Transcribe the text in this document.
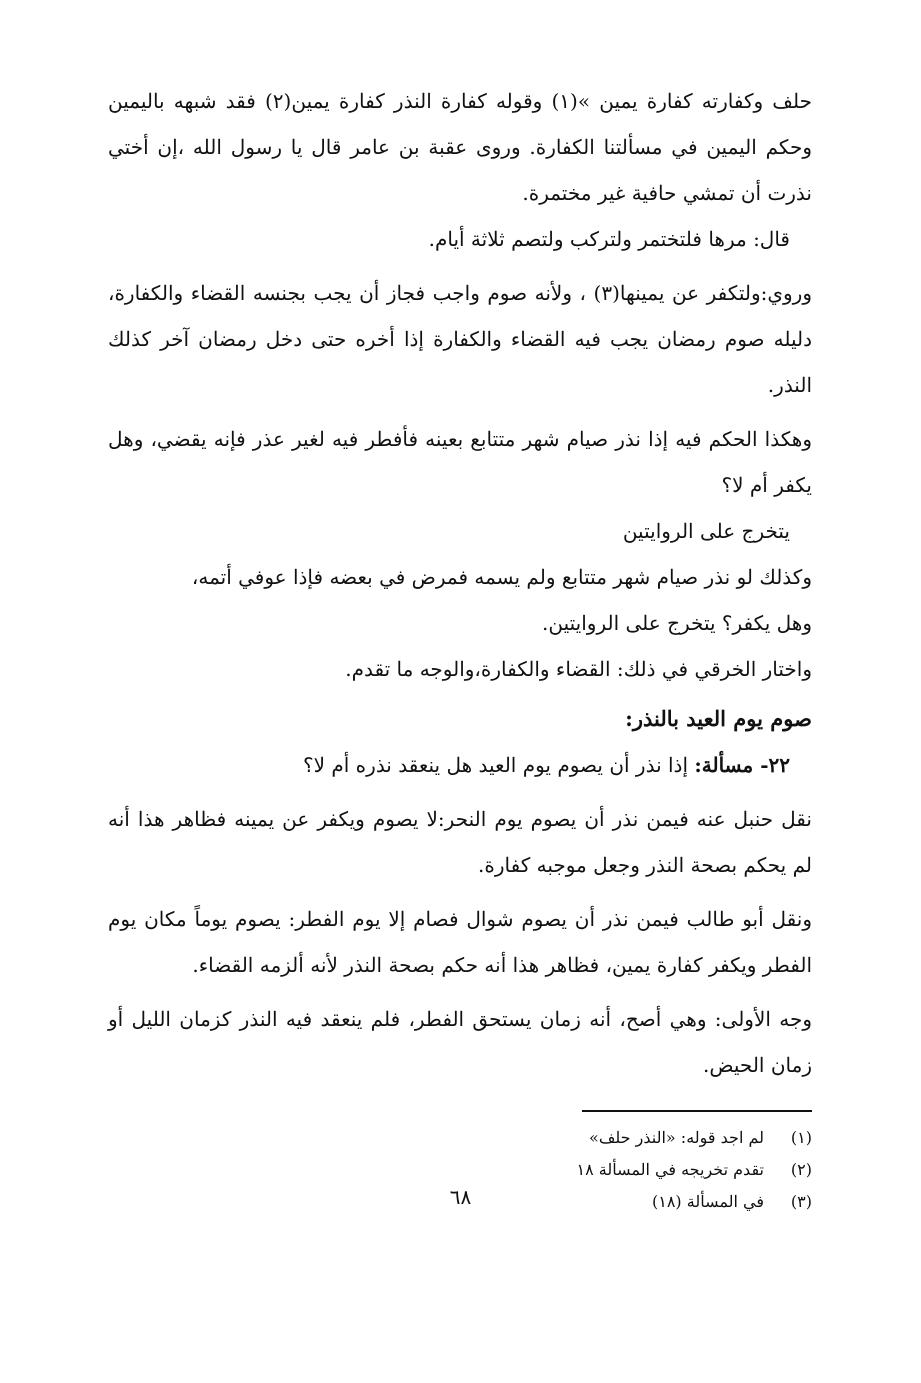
حلف وكفارته كفارة يمين »(١) وقوله كفارة النذر كفارة يمين(٢) فقد شبهه باليمين وحكم اليمين في مسألتنا الكفارة. وروى عقبة بن عامر قال يا رسول الله ،إن أختي نذرت أن تمشي حافية غير مختمرة.

قال: مرها فلتختمر ولتركب ولتصم ثلاثة أيام.

وروي:ولتكفر عن يمينها(٣) ، ولأنه صوم واجب فجاز أن يجب بجنسه القضاء والكفارة، دليله صوم رمضان يجب فيه القضاء والكفارة إذا أخره حتى دخل رمضان آخر كذلك النذر.

وهكذا الحكم فيه إذا نذر صيام شهر متتابع بعينه فأفطر فيه لغير عذر فإنه يقضي، وهل يكفر أم لا؟

يتخرج على الروايتين

وكذلك لو نذر صيام شهر متتابع ولم يسمه فمرض في بعضه فإذا عوفي أتمه،

وهل يكفر؟ يتخرج على الروايتين.

واختار الخرقي في ذلك: القضاء والكفارة،والوجه ما تقدم.

صوم يوم العيد بالنذر:

٢٢- مسألة: إذا نذر أن يصوم يوم العيد هل ينعقد نذره أم لا؟

نقل حنبل عنه فيمن نذر أن يصوم يوم النحر:لا يصوم ويكفر عن يمينه فظاهر هذا أنه لم يحكم بصحة النذر وجعل موجبه كفارة.

ونقل أبو طالب فيمن نذر أن يصوم شوال فصام إلا يوم الفطر: يصوم يوماً مكان يوم الفطر ويكفر كفارة يمين، فظاهر هذا أنه حكم بصحة النذر لأنه ألزمه القضاء.

وجه الأولى: وهي أصح، أنه زمان يستحق الفطر، فلم ينعقد فيه النذر كزمان الليل أو زمان الحيض.

(١)
لم اجد قوله: «النذر حلف»
(٢)
تقدم تخريجه في المسألة ١٨
(٣)
في المسألة (١٨)
٦٨
